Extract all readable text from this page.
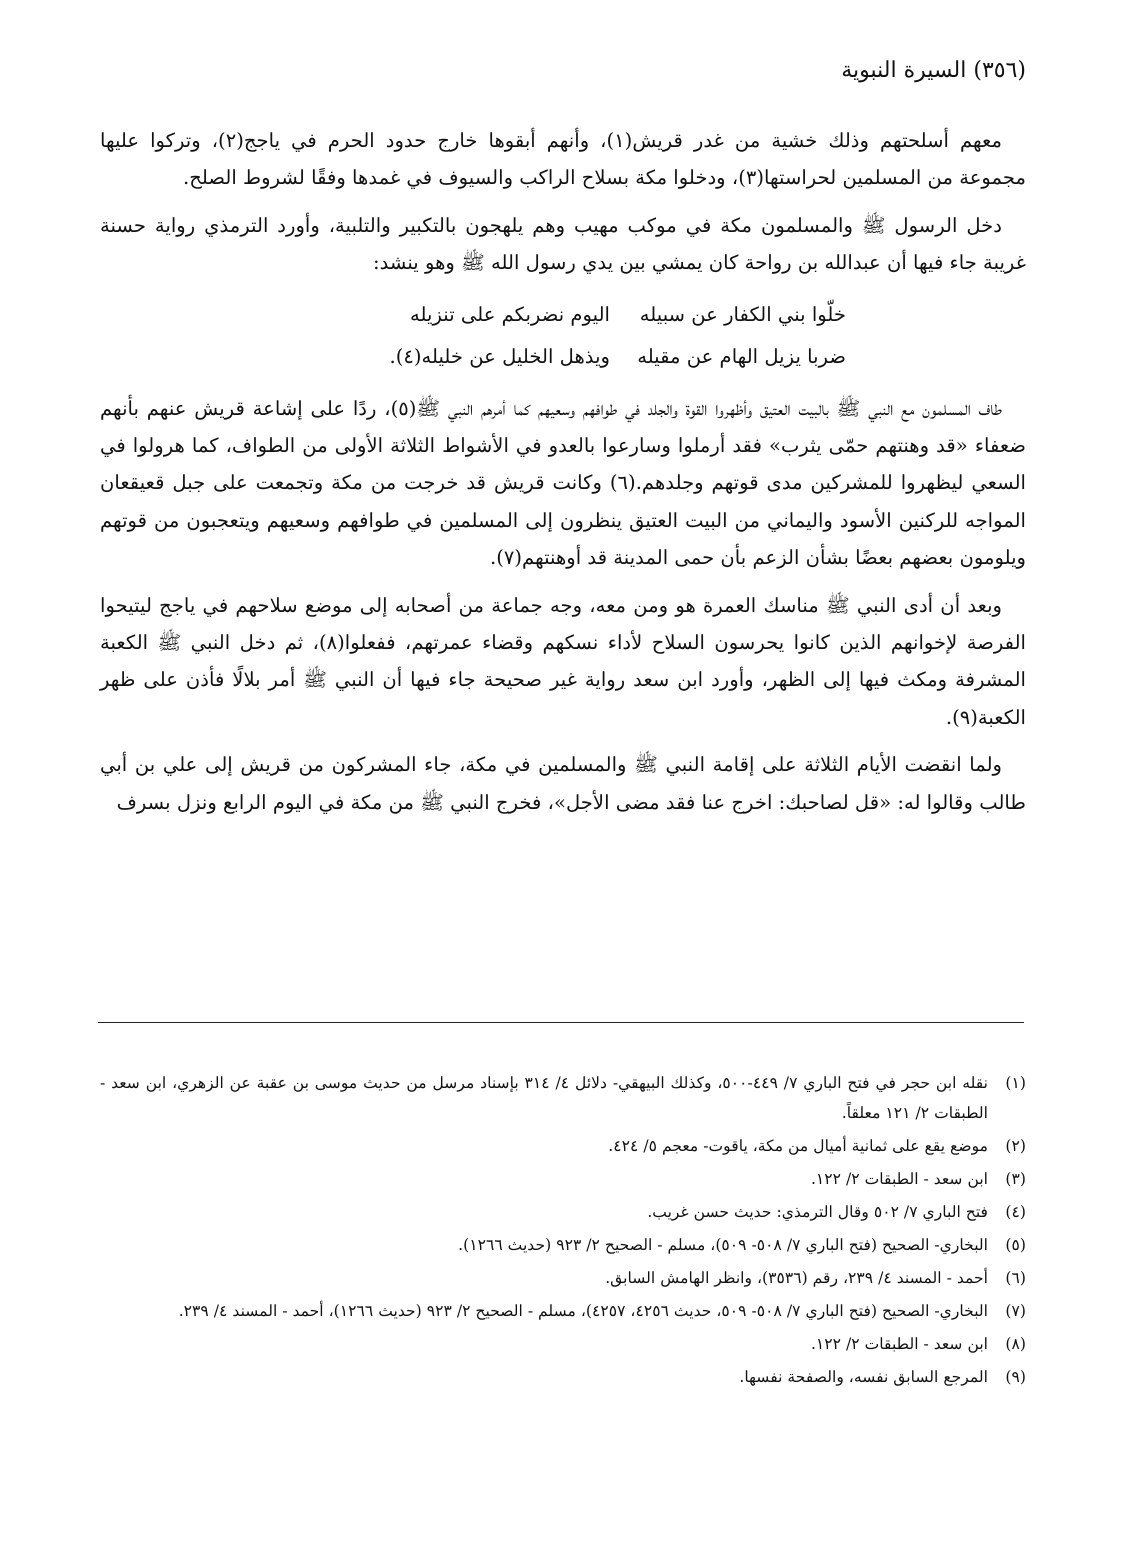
(٣٥٦) السيرة النبوية

معهم أسلحتهم وذلك خشية من غدر قريش(١)، وأنهم أبقوها خارج حدود الحرم في ياجج(٢)، وتركوا عليها مجموعة من المسلمين لحراستها(٣)، ودخلوا مكة بسلاح الراكب والسيوف في غمدها وفقًا لشروط الصلح.

دخل الرسول ﷺ والمسلمون مكة في موكب مهيب وهم يلهجون بالتكبير والتلبية، وأورد الترمذي رواية حسنة غريبة جاء فيها أن عبدالله بن رواحة كان يمشي بين يدي رسول الله ﷺ وهو ينشد:

خلّوا بني الكفار عن سبيله
اليوم نضربكم على تنزيله
ضربا يزيل الهام عن مقيله
ويذهل الخليل عن خليله(٤).

طاف المسلمون مع النبي ﷺ بالبيت العتيق وأظهروا القوة والجلد في طوافهم وسعيهم كما أمرهم النبي ﷺ(٥)، ردًا على إشاعة قريش عنهم بأنهم ضعفاء «قد وهنتهم حمّى يثرب» فقد أرملوا وسارعوا بالعدو في الأشواط الثلاثة الأولى من الطواف، كما هرولوا في السعي ليظهروا للمشركين مدى قوتهم وجلدهم.(٦) وكانت قريش قد خرجت من مكة وتجمعت على جبل قعيقعان المواجه للركنين الأسود واليماني من البيت العتيق ينظرون إلى المسلمين في طوافهم وسعيهم ويتعجبون من قوتهم ويلومون بعضهم بعضًا بشأن الزعم بأن حمى المدينة قد أوهنتهم(٧).

وبعد أن أدى النبي ﷺ مناسك العمرة هو ومن معه، وجه جماعة من أصحابه إلى موضع سلاحهم في ياجج ليتيحوا الفرصة لإخوانهم الذين كانوا يحرسون السلاح لأداء نسكهم وقضاء عمرتهم، ففعلوا(٨)، ثم دخل النبي ﷺ الكعبة المشرفة ومكث فيها إلى الظهر، وأورد ابن سعد رواية غير صحيحة جاء فيها أن النبي ﷺ أمر بلالًا فأذن على ظهر الكعبة(٩).

ولما انقضت الأيام الثلاثة على إقامة النبي ﷺ والمسلمين في مكة، جاء المشركون من قريش إلى علي بن أبي طالب وقالوا له: «قل لصاحبك: اخرج عنا فقد مضى الأجل»، فخرج النبي ﷺ من مكة في اليوم الرابع ونزل بسرف

(١)
نقله ابن حجر في فتح الباري ٧/ ٤٤٩-٥٠٠، وكذلك البيهقي- دلائل ٤/ ٣١٤ بإسناد مرسل من حديث موسى بن عقبة عن الزهري، ابن سعد - الطبقات ٢/ ١٢١ معلقاً.
(٢)
موضع يقع على ثمانية أميال من مكة، ياقوت- معجم ٥/ ٤٢٤.
(٣)
ابن سعد - الطبقات ٢/ ١٢٢.
(٤)
فتح الباري ٧/ ٥٠٢ وقال الترمذي: حديث حسن غريب.
(٥)
البخاري- الصحيح (فتح الباري ٧/ ٥٠٨- ٥٠٩)، مسلم - الصحيح ٢/ ٩٢٣ (حديث ١٢٦٦).
(٦)
أحمد - المسند ٤/ ٢٣٩، رقم (٣٥٣٦)، وانظر الهامش السابق.
(٧)
البخاري- الصحيح (فتح الباري ٧/ ٥٠٨- ٥٠٩، حديث ٤٢٥٦، ٤٢٥٧)، مسلم - الصحيح ٢/ ٩٢٣ (حديث ١٢٦٦)، أحمد - المسند ٤/ ٢٣٩.
(٨)
ابن سعد - الطبقات ٢/ ١٢٢.
(٩)
المرجع السابق نفسه، والصفحة نفسها.
